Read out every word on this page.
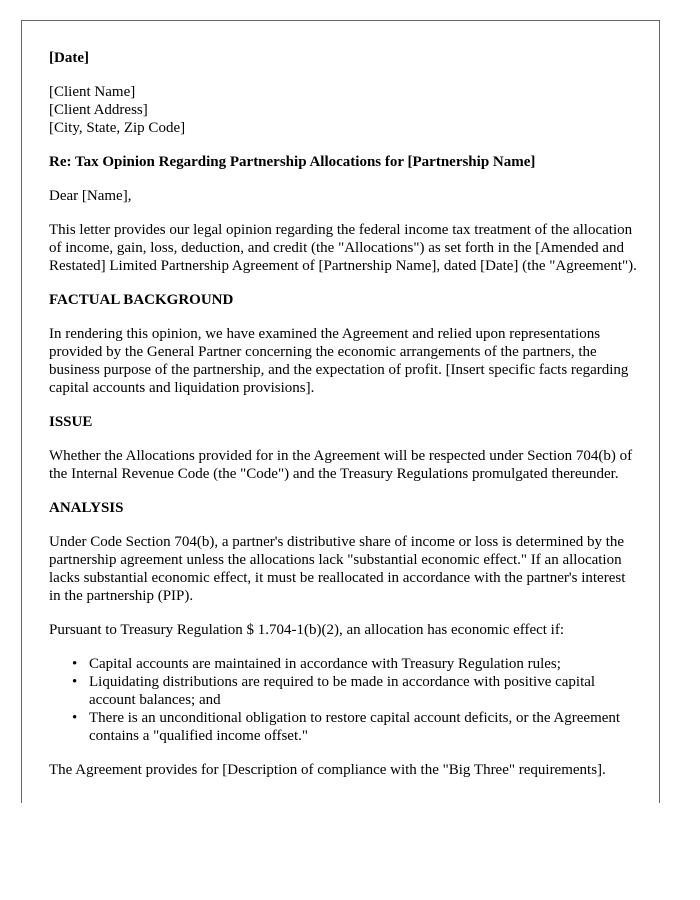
[Date]
[Client Name]
[Client Address]
[City, State, Zip Code]
Re: Tax Opinion Regarding Partnership Allocations for [Partnership Name]
Dear [Name],

This letter provides our legal opinion regarding the federal income tax treatment of the allocation of income, gain, loss, deduction, and credit (the "Allocations") as set forth in the [Amended and Restated] Limited Partnership Agreement of [Partnership Name], dated [Date] (the "Agreement").

FACTUAL BACKGROUND

In rendering this opinion, we have examined the Agreement and relied upon representations provided by the General Partner concerning the economic arrangements of the partners, the business purpose of the partnership, and the expectation of profit. [Insert specific facts regarding capital accounts and liquidation provisions].

ISSUE

Whether the Allocations provided for in the Agreement will be respected under Section 704(b) of the Internal Revenue Code (the "Code") and the Treasury Regulations promulgated thereunder.

ANALYSIS

Under Code Section 704(b), a partner's distributive share of income or loss is determined by the partnership agreement unless the allocations lack "substantial economic effect." If an allocation lacks substantial economic effect, it must be reallocated in accordance with the partner's interest in the partnership (PIP).

Pursuant to Treasury Regulation $ 1.704-1(b)(2), an allocation has economic effect if:

• Capital accounts are maintained in accordance with Treasury Regulation rules;
• Liquidating distributions are required to be made in accordance with positive capital account balances; and
• There is an unconditional obligation to restore capital account deficits, or the Agreement contains a "qualified income offset."

The Agreement provides for [Description of compliance with the "Big Three" requirements].
